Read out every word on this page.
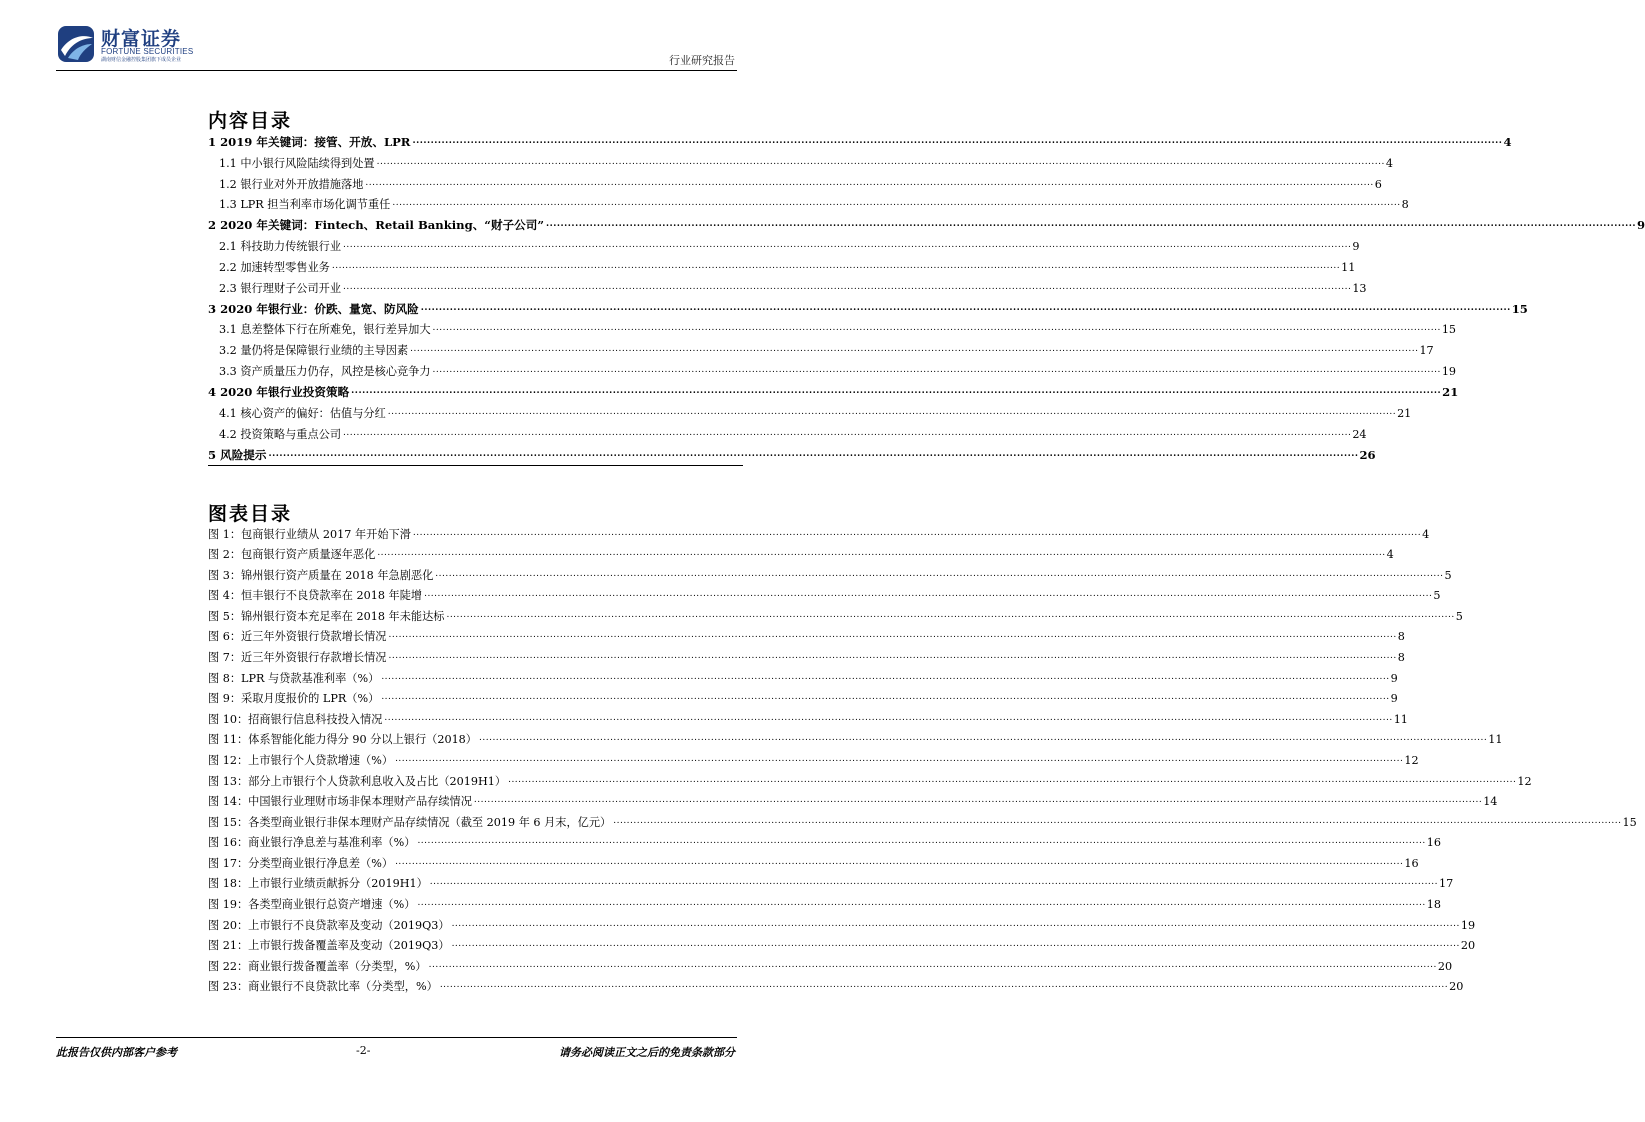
财富证券
FORTUNE SECURITIES
湖南财信金融控股集团旗下成员企业	行业研究报告
内容目录
1 2019 年关键词：接管、开放、LPR ............................................................................................................................................................................................................................................................................................................ 4
1.1 中小银行风险陆续得到处置 ............................................................................................................................................................................................................................................................................................................ 4
1.2 银行业对外开放措施落地 ............................................................................................................................................................................................................................................................................................................ 6
1.3 LPR 担当利率市场化调节重任 ............................................................................................................................................................................................................................................................................................................ 8
2 2020 年关键词：Fintech、Retail Banking、“财子公司” ............................................................................................................................................................................................................................................................................................................ 9
2.1 科技助力传统银行业 ............................................................................................................................................................................................................................................................................................................ 9
2.2 加速转型零售业务 ............................................................................................................................................................................................................................................................................................................ 11
2.3 银行理财子公司开业 ............................................................................................................................................................................................................................................................................................................ 13
3 2020 年银行业：价跌、量宽、防风险 ............................................................................................................................................................................................................................................................................................................ 15
3.1 息差整体下行在所难免，银行差异加大 ............................................................................................................................................................................................................................................................................................................ 15
3.2 量仍将是保障银行业绩的主导因素 ............................................................................................................................................................................................................................................................................................................ 17
3.3 资产质量压力仍存，风控是核心竞争力 ............................................................................................................................................................................................................................................................................................................ 19
4 2020 年银行业投资策略 ............................................................................................................................................................................................................................................................................................................ 21
4.1 核心资产的偏好：估值与分红 ............................................................................................................................................................................................................................................................................................................ 21
4.2 投资策略与重点公司 ............................................................................................................................................................................................................................................................................................................ 24
5 风险提示 ............................................................................................................................................................................................................................................................................................................ 26
图表目录
图 1：包商银行业绩从 2017 年开始下滑 ............................................................................................................................................................................................................................................................................................................ 4
图 2：包商银行资产质量逐年恶化 ............................................................................................................................................................................................................................................................................................................ 4
图 3：锦州银行资产质量在 2018 年急剧恶化 ............................................................................................................................................................................................................................................................................................................ 5
图 4：恒丰银行不良贷款率在 2018 年陡增 ............................................................................................................................................................................................................................................................................................................ 5
图 5：锦州银行资本充足率在 2018 年未能达标 ............................................................................................................................................................................................................................................................................................................ 5
图 6：近三年外资银行贷款增长情况 ............................................................................................................................................................................................................................................................................................................ 8
图 7：近三年外资银行存款增长情况 ............................................................................................................................................................................................................................................................................................................ 8
图 8：LPR 与贷款基准利率（%） ............................................................................................................................................................................................................................................................................................................ 9
图 9：采取月度报价的 LPR（%） ............................................................................................................................................................................................................................................................................................................ 9
图 10：招商银行信息科技投入情况 ............................................................................................................................................................................................................................................................................................................ 11
图 11：体系智能化能力得分 90 分以上银行（2018） ............................................................................................................................................................................................................................................................................................................ 11
图 12：上市银行个人贷款增速（%） ............................................................................................................................................................................................................................................................................................................ 12
图 13：部分上市银行个人贷款利息收入及占比（2019H1） ............................................................................................................................................................................................................................................................................................................ 12
图 14：中国银行业理财市场非保本理财产品存续情况 ............................................................................................................................................................................................................................................................................................................ 14
图 15：各类型商业银行非保本理财产品存续情况（截至 2019 年 6 月末，亿元） ............................................................................................................................................................................................................................................................................................................ 15
图 16：商业银行净息差与基准利率（%） ............................................................................................................................................................................................................................................................................................................ 16
图 17：分类型商业银行净息差（%） ............................................................................................................................................................................................................................................................................................................ 16
图 18：上市银行业绩贡献拆分（2019H1） ............................................................................................................................................................................................................................................................................................................ 17
图 19：各类型商业银行总资产增速（%） ............................................................................................................................................................................................................................................................................................................ 18
图 20：上市银行不良贷款率及变动（2019Q3） ............................................................................................................................................................................................................................................................................................................ 19
图 21：上市银行拨备覆盖率及变动（2019Q3） ............................................................................................................................................................................................................................................................................................................ 20
图 22：商业银行拨备覆盖率（分类型，%） ............................................................................................................................................................................................................................................................................................................ 20
图 23：商业银行不良贷款比率（分类型，%） ............................................................................................................................................................................................................................................................................................................ 20
此报告仅供内部客户参考	-2-	请务必阅读正文之后的免责条款部分
